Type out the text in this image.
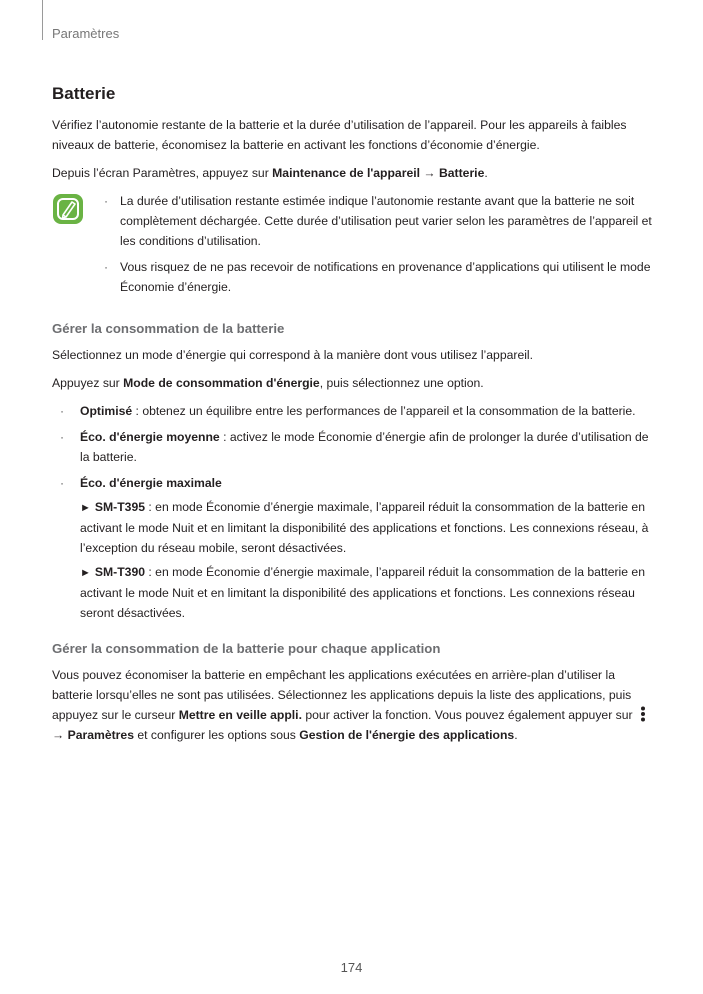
Paramètres
Batterie

Vérifiez l’autonomie restante de la batterie et la durée d’utilisation de l’appareil. Pour les appareils à faibles niveaux de batterie, économisez la batterie en activant les fonctions d’économie d’énergie.

Depuis l’écran Paramètres, appuyez sur Maintenance de l'appareil → Batterie.

· La durée d’utilisation restante estimée indique l’autonomie restante avant que la batterie ne soit complètement déchargée. Cette durée d’utilisation peut varier selon les paramètres de l’appareil et les conditions d’utilisation.
· Vous risquez de ne pas recevoir de notifications en provenance d’applications qui utilisent le mode Économie d’énergie.
Gérer la consommation de la batterie

Sélectionnez un mode d’énergie qui correspond à la manière dont vous utilisez l’appareil.

Appuyez sur Mode de consommation d'énergie, puis sélectionnez une option.

· Optimisé : obtenez un équilibre entre les performances de l’appareil et la consommation de la batterie.
· Éco. d'énergie moyenne : activez le mode Économie d’énergie afin de prolonger la durée d’utilisation de la batterie.
· Éco. d'énergie maximale
► SM-T395 : en mode Économie d’énergie maximale, l’appareil réduit la consommation de la batterie en activant le mode Nuit et en limitant la disponibilité des applications et fonctions. Les connexions réseau, à l’exception du réseau mobile, seront désactivées.
► SM-T390 : en mode Économie d’énergie maximale, l’appareil réduit la consommation de la batterie en activant le mode Nuit et en limitant la disponibilité des applications et fonctions. Les connexions réseau seront désactivées.
Gérer la consommation de la batterie pour chaque application

Vous pouvez économiser la batterie en empêchant les applications exécutées en arrière-plan d’utiliser la batterie lorsqu’elles ne sont pas utilisées. Sélectionnez les applications depuis la liste des applications, puis appuyez sur le curseur Mettre en veille appli. pour activer la fonction. Vous pouvez également appuyer sur  → Paramètres et configurer les options sous Gestion de l'énergie des applications.

174
